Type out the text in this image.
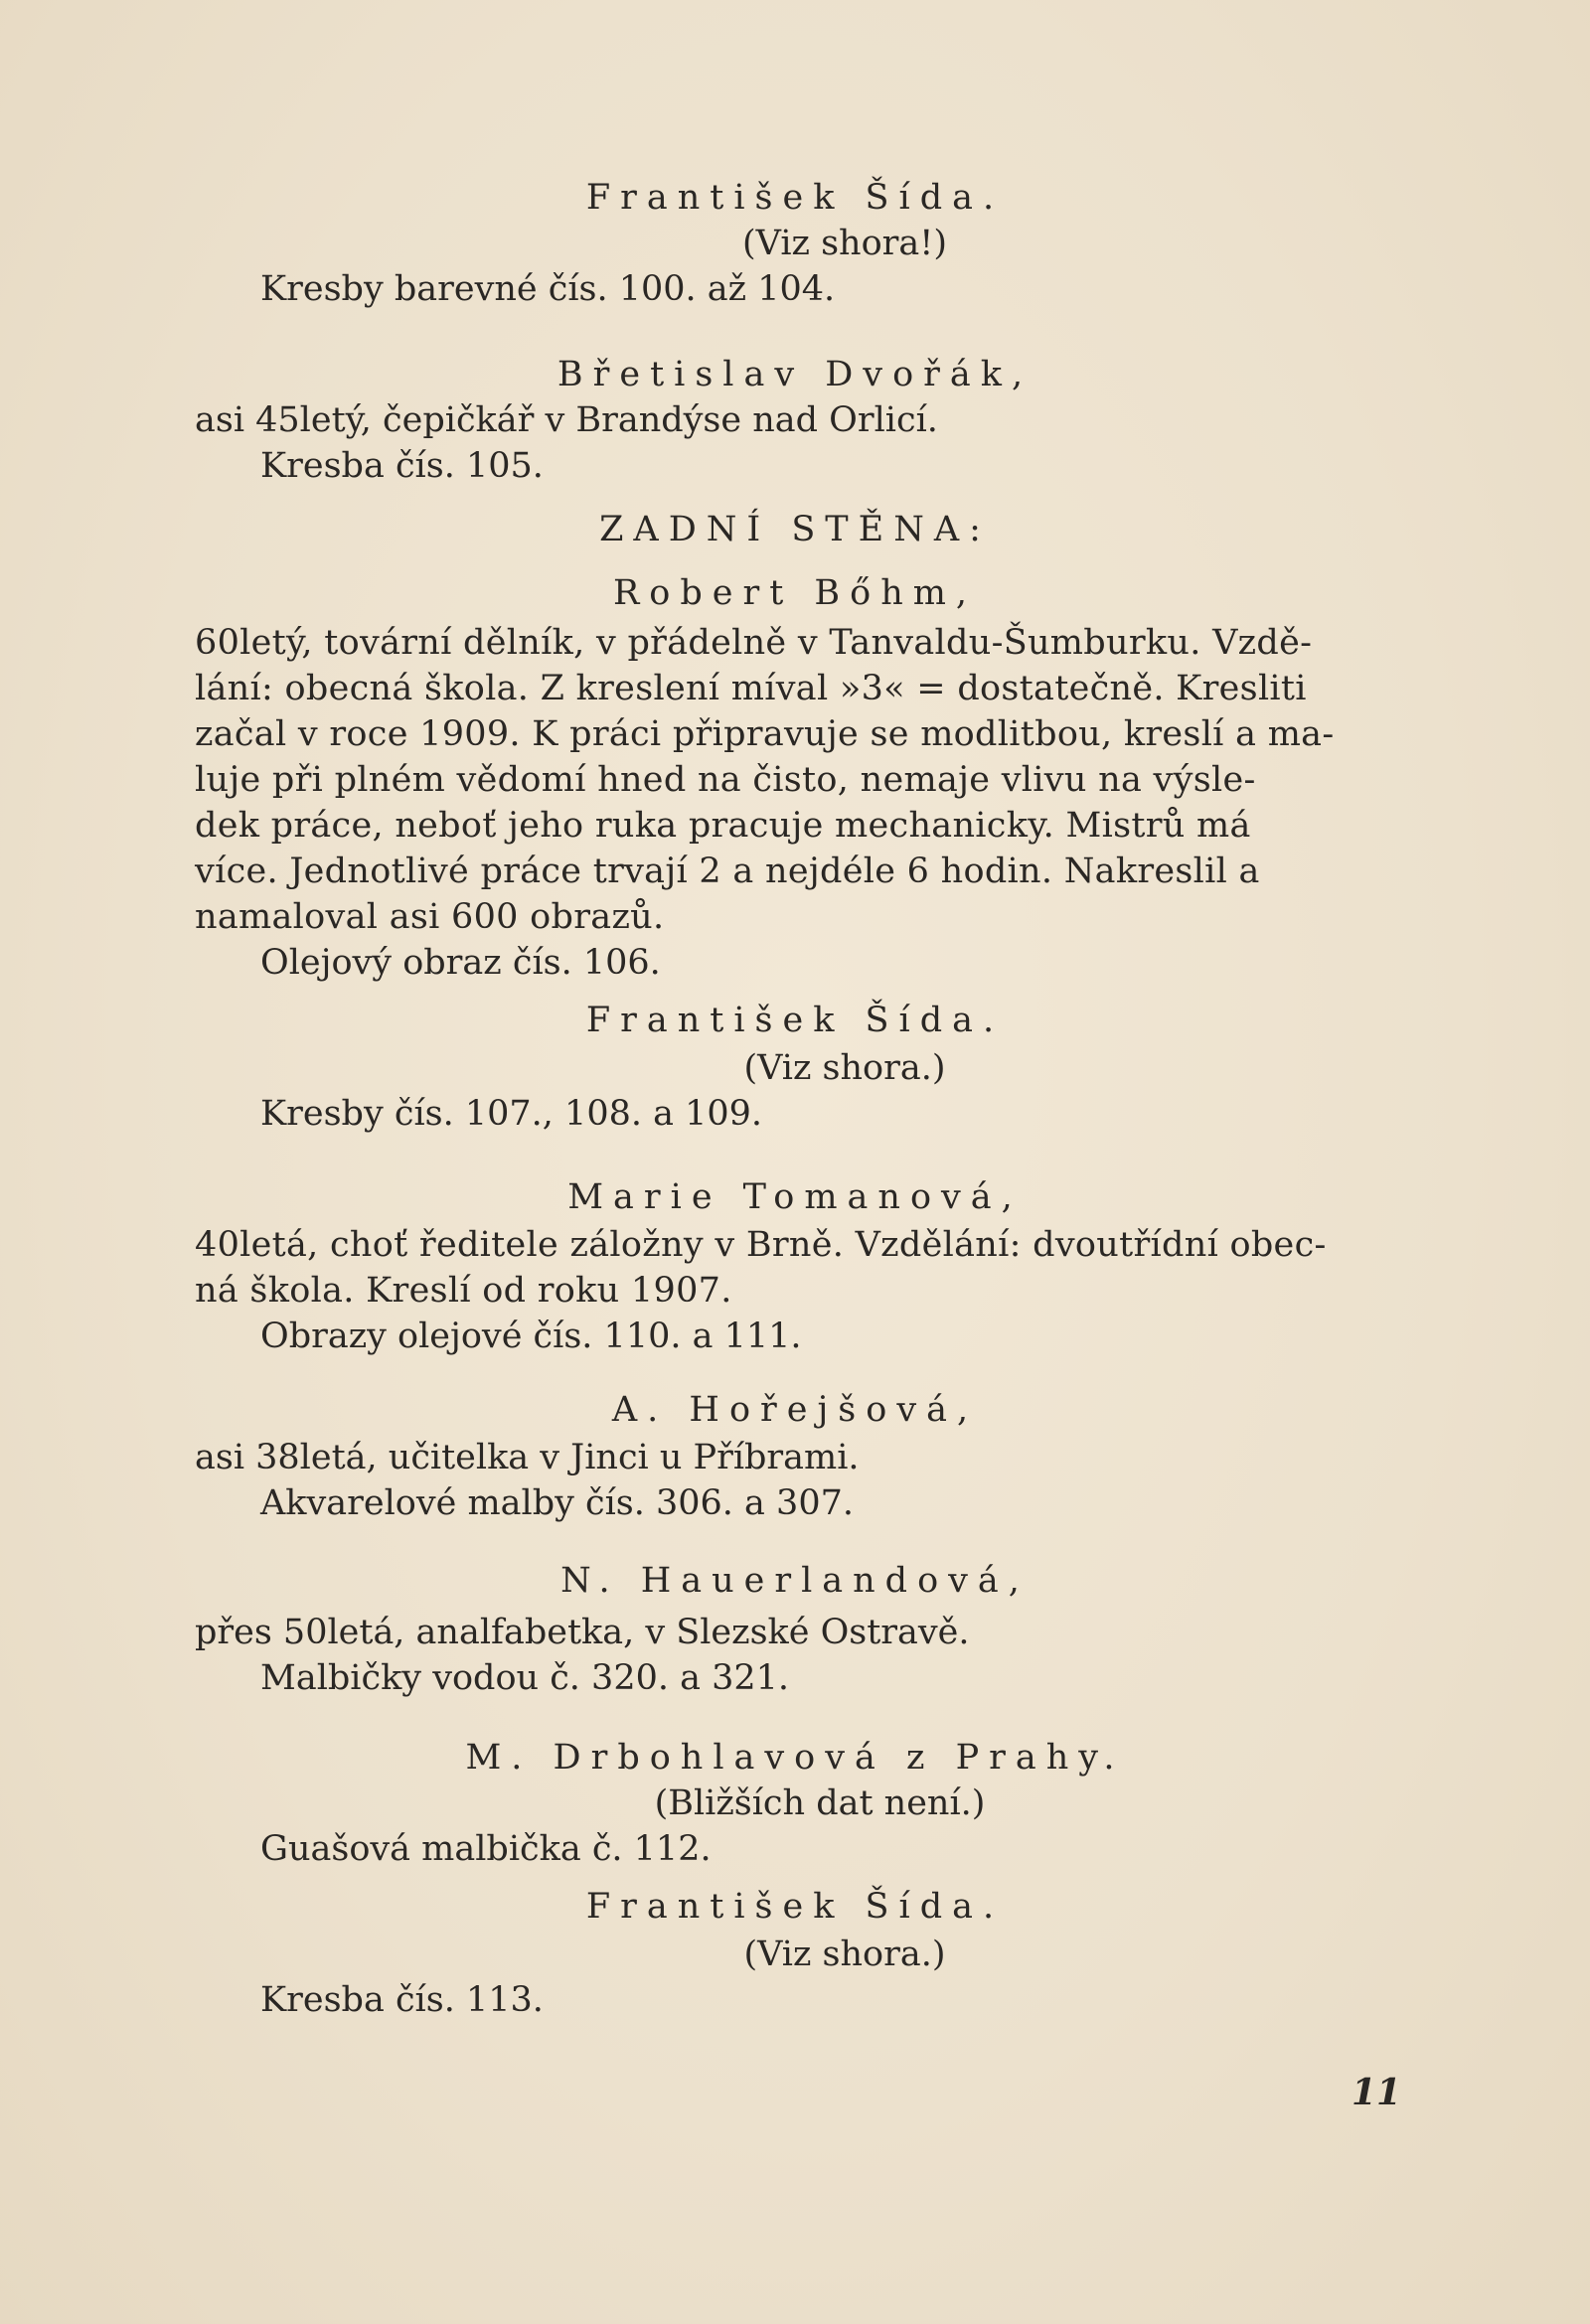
František Šída.
(Viz shora!)
Kresby barevné čís. 100. až 104.
Břetislav Dvořák,
asi 45letý, čepičkář v Brandýse nad Orlicí.
Kresba čís. 105.
ZADNÍ STĚNA:
Robert Bőhm,
60letý, tovární dělník, v přádelně v Tanvaldu-Šumburku. Vzdě-
lání: obecná škola. Z kreslení míval »3« = dostatečně. Kresliti
začal v roce 1909. K práci připravuje se modlitbou, kreslí a ma-
luje při plném vědomí hned na čisto, nemaje vlivu na výsle-
dek práce, neboť jeho ruka pracuje mechanicky. Mistrů má
více. Jednotlivé práce trvají 2 a nejdéle 6 hodin. Nakreslil a
namaloval asi 600 obrazů.
Olejový obraz čís. 106.
František Šída.
(Viz shora.)
Kresby čís. 107., 108. a 109.
Marie Tomanová,
40letá, choť ředitele záložny v Brně. Vzdělání: dvoutřídní obec-
ná škola. Kreslí od roku 1907.
Obrazy olejové čís. 110. a 111.
A. Hořejšová,
asi 38letá, učitelka v Jinci u Příbrami.
Akvarelové malby čís. 306. a 307.
N. Hauerlandová,
přes 50letá, analfabetka, v Slezské Ostravě.
Malbičky vodou č. 320. a 321.
M. Drbohlavová z Prahy.
(Bližších dat není.)
Guašová malbička č. 112.
František Šída.
(Viz shora.)
Kresba čís. 113.
11
